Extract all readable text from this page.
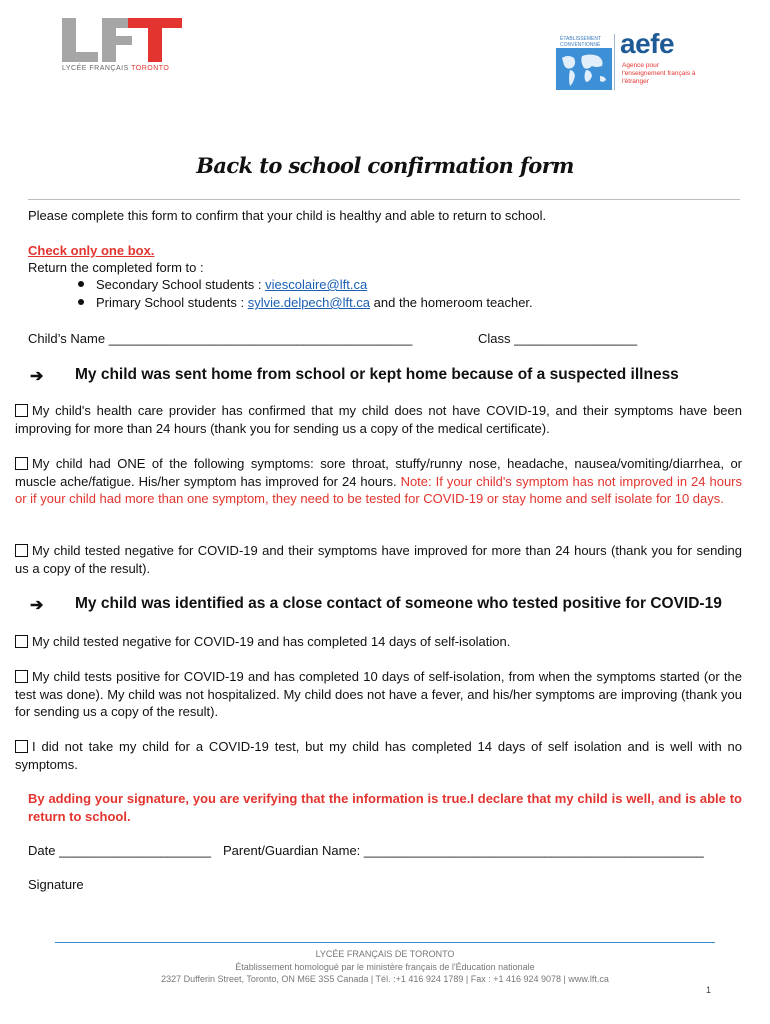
LYCÉE FRANÇAIS TORONTO
ÉTABLISSEMENT CONVENTIONNÉ aefe
Agence pour l'enseignement français à l'étranger
Back to school confirmation form
Please complete this form to confirm that your child is healthy and able to return to school.
Check only one box.
Return the completed form to :
Secondary School students : viescolaire@lft.ca
Primary School students : sylvie.delpech@lft.ca and the homeroom teacher.
Child’s Name __________________________________________	Class _________________
➔ My child was sent home from school or kept home because of a suspected illness
My child's health care provider has confirmed that my child does not have COVID-19, and their symptoms have been improving for more than 24 hours (thank you for sending us a copy of the medical certificate).
My child had ONE of the following symptoms: sore throat, stuffy/runny nose, headache, nausea/vomiting/diarrhea, or muscle ache/fatigue. His/her symptom has improved for 24 hours. Note: If your child's symptom has not improved in 24 hours or if your child had more than one symptom, they need to be tested for COVID-19 or stay home and self isolate for 10 days.
My child tested negative for COVID-19 and their symptoms have improved for more than 24 hours (thank you for sending us a copy of the result).
➔ My child was identified as a close contact of someone who tested positive for COVID-19
My child tested negative for COVID-19 and has completed 14 days of self-isolation.
My child tests positive for COVID-19 and has completed 10 days of self-isolation, from when the symptoms started (or the test was done). My child was not hospitalized. My child does not have a fever, and his/her symptoms are improving (thank you for sending us a copy of the result).
I did not take my child for a COVID-19 test, but my child has completed 14 days of self isolation and is well with no symptoms.
By adding your signature, you are verifying that the information is true.I declare that my child is well, and is able to return to school.
Date _____________________ Parent/Guardian Name: _______________________________________________
Signature
LYCÉE FRANÇAIS DE TORONTO
Établissement homologué par le ministère français de l'Éducation nationale
2327 Dufferin Street, Toronto, ON M6E 3S5 Canada | Tél. :+1 416 924 1789 | Fax : +1 416 924 9078 | www.lft.ca
1
